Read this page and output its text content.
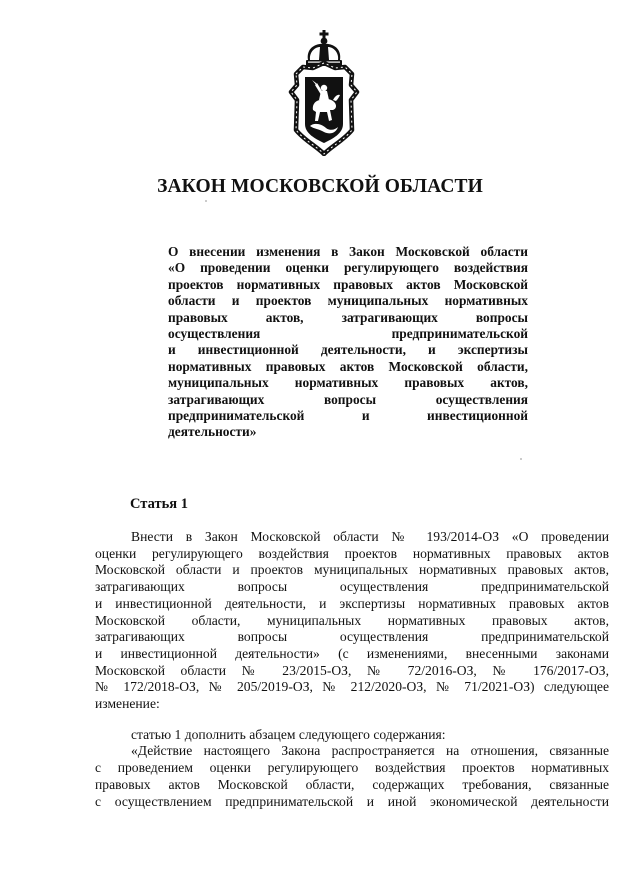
ЗАКОН МОСКОВСКОЙ ОБЛАСТИ
О внесении изменения в Закон Московской области
«О проведении оценки регулирующего воздействия
проектов нормативных правовых актов Московской
области и проектов муниципальных нормативных
правовых актов, затрагивающих вопросы
осуществления предпринимательской
и инвестиционной деятельности, и экспертизы
нормативных правовых актов Московской области,
муниципальных нормативных правовых актов,
затрагивающих вопросы осуществления
предпринимательской и инвестиционной
деятельности»
Статья 1
Внести в Закон Московской области № 193/2014-ОЗ «О проведении
оценки регулирующего воздействия проектов нормативных правовых актов
Московской области и проектов муниципальных нормативных правовых актов,
затрагивающих вопросы осуществления предпринимательской
и инвестиционной деятельности, и экспертизы нормативных правовых актов
Московской области, муниципальных нормативных правовых актов,
затрагивающих вопросы осуществления предпринимательской
и инвестиционной деятельности» (с изменениями, внесенными законами
Московской области № 23/2015-ОЗ, № 72/2016-ОЗ, № 176/2017-ОЗ,
№ 172/2018-ОЗ, № 205/2019-ОЗ, № 212/2020-ОЗ, № 71/2021-ОЗ) следующее
изменение:
статью 1 дополнить абзацем следующего содержания:
«Действие настоящего Закона распространяется на отношения, связанные
с проведением оценки регулирующего воздействия проектов нормативных
правовых актов Московской области, содержащих требования, связанные
с осуществлением предпринимательской и иной экономической деятельности
